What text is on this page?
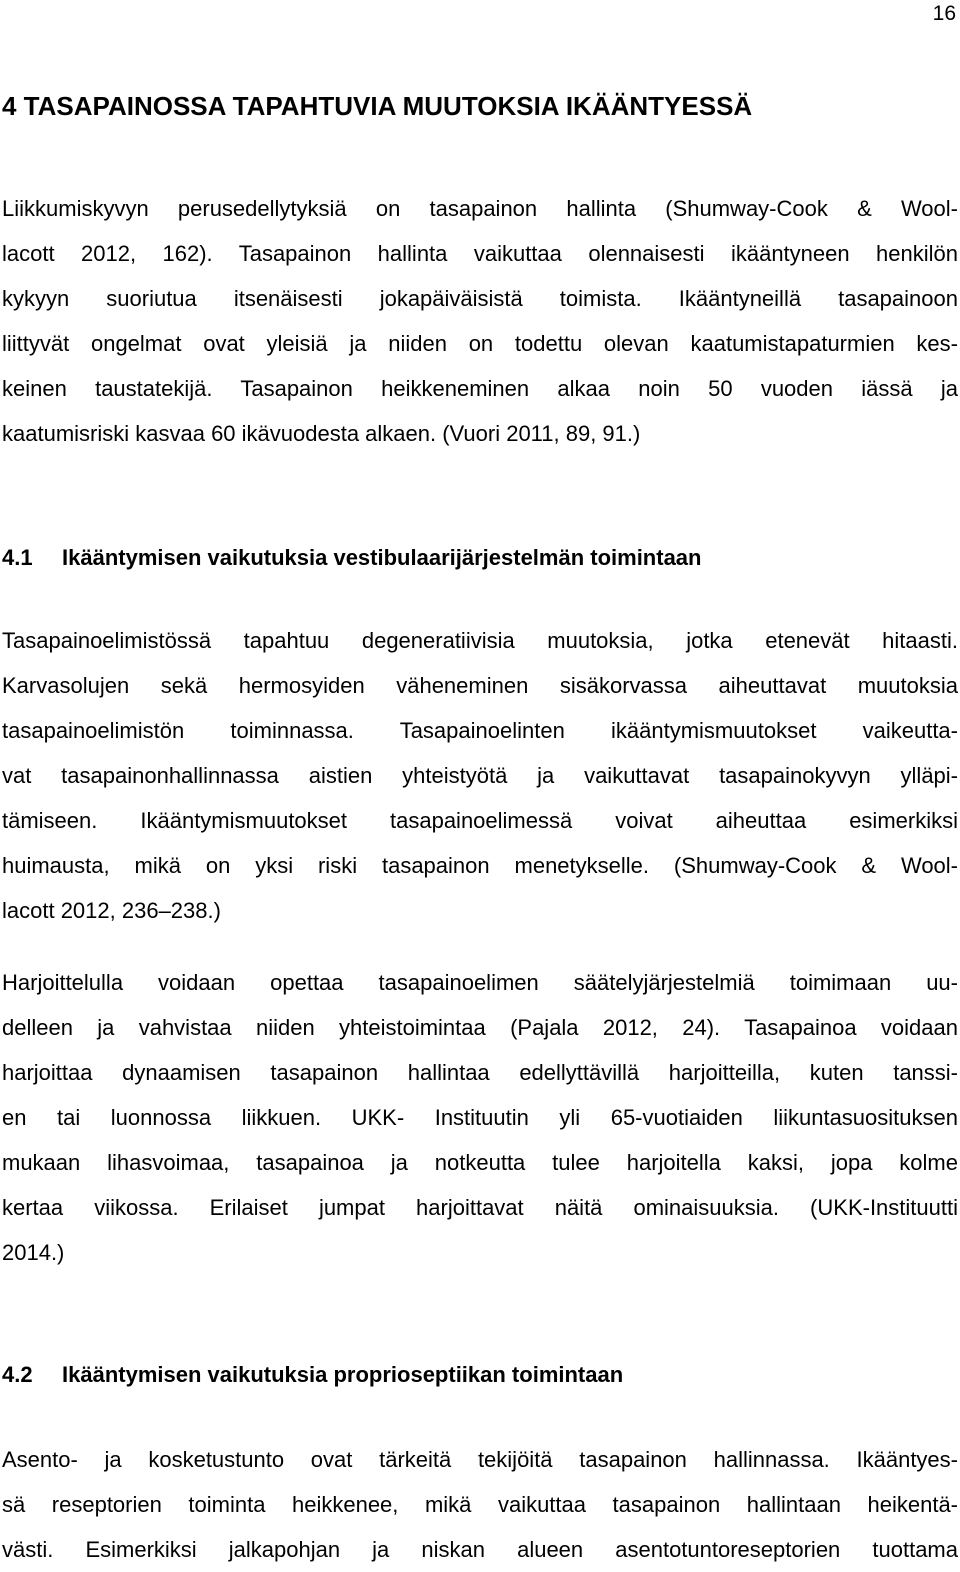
16
4 TASAPAINOSSA TAPAHTUVIA MUUTOKSIA IKÄÄNTYESSÄ
Liikkumiskyvyn perusedellytyksiä on tasapainon hallinta (Shumway-Cook & Wool-
lacott 2012, 162). Tasapainon hallinta vaikuttaa olennaisesti ikääntyneen henkilön
kykyyn suoriutua itsenäisesti jokapäiväisistä toimista. Ikääntyneillä tasapainoon
liittyvät ongelmat ovat yleisiä ja niiden on todettu olevan kaatumistapaturmien kes-
keinen taustatekijä. Tasapainon heikkeneminen alkaa noin 50 vuoden iässä ja
kaatumisriski kasvaa 60 ikävuodesta alkaen. (Vuori 2011, 89, 91.)
4.1 Ikääntymisen vaikutuksia vestibulaarijärjestelmän toimintaan
Tasapainoelimistössä tapahtuu degeneratiivisia muutoksia, jotka etenevät hitaasti.
Karvasolujen sekä hermosyiden väheneminen sisäkorvassa aiheuttavat muutoksia
tasapainoelimistön toiminnassa. Tasapainoelinten ikääntymismuutokset vaikeutta-
vat tasapainonhallinnassa aistien yhteistyötä ja vaikuttavat tasapainokyvyn ylläpi-
tämiseen. Ikääntymismuutokset tasapainoelimessä voivat aiheuttaa esimerkiksi
huimausta, mikä on yksi riski tasapainon menetykselle. (Shumway-Cook & Wool-
lacott 2012, 236–238.)
Harjoittelulla voidaan opettaa tasapainoelimen säätelyjärjestelmiä toimimaan uu-
delleen ja vahvistaa niiden yhteistoimintaa (Pajala 2012, 24). Tasapainoa voidaan
harjoittaa dynaamisen tasapainon hallintaa edellyttävillä harjoitteilla, kuten tanssi-
en tai luonnossa liikkuen. UKK- Instituutin yli 65-vuotiaiden liikuntasuosituksen
mukaan lihasvoimaa, tasapainoa ja notkeutta tulee harjoitella kaksi, jopa kolme
kertaa viikossa. Erilaiset jumpat harjoittavat näitä ominaisuuksia. (UKK-Instituutti
2014.)
4.2 Ikääntymisen vaikutuksia proprioseptiikan toimintaan
Asento- ja kosketustunto ovat tärkeitä tekijöitä tasapainon hallinnassa. Ikääntyes-
sä reseptorien toiminta heikkenee, mikä vaikuttaa tasapainon hallintaan heikentä-
västi. Esimerkiksi jalkapohjan ja niskan alueen asentotuntoreseptorien tuottama
